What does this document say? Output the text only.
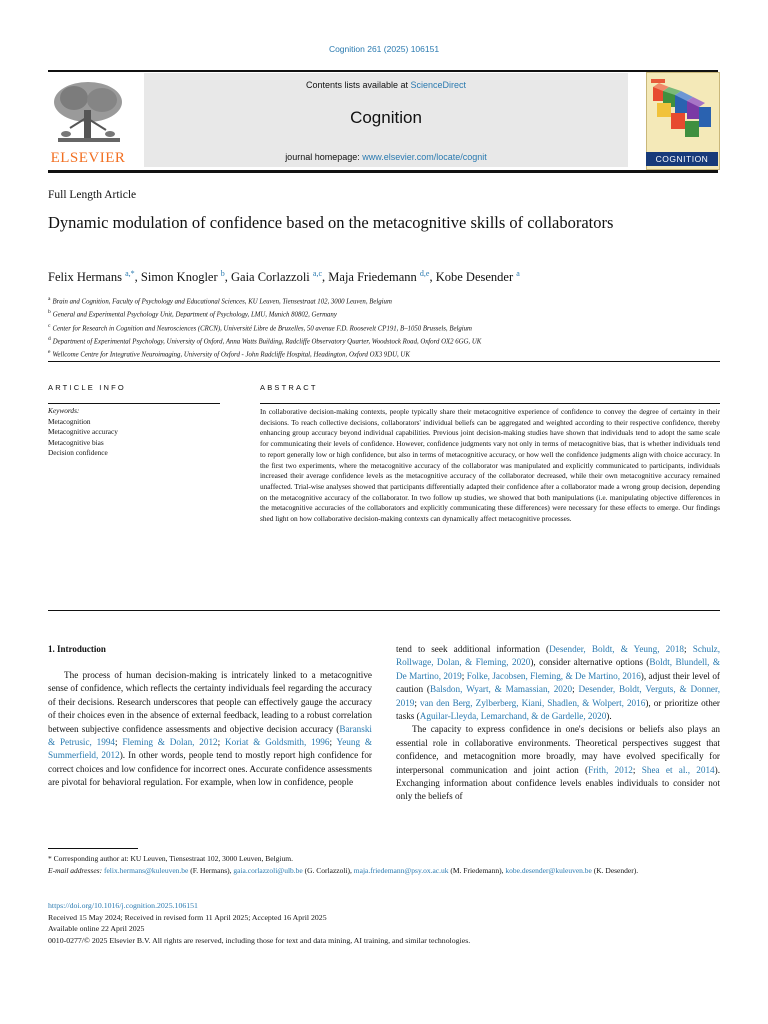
Cognition 261 (2025) 106151
ELSEVIER
Contents lists available at ScienceDirect
Cognition
journal homepage: www.elsevier.com/locate/cognit	COGNITION
Full Length Article
Dynamic modulation of confidence based on the metacognitive skills of collaborators
Felix Hermans $^{a,*}$, Simon Knogler $^b$, Gaia Corlazzoli $^{a,c}$, Maja Friedemann $^{d,e}$, Kobe Desender $^a$
$^a$ Brain and Cognition, Faculty of Psychology and Educational Sciences, KU Leuven, Tiensestraat 102, 3000 Leuven, Belgium
$^b$ General and Experimental Psychology Unit, Department of Psychology, LMU, Munich 80802, Germany
$^c$ Center for Research in Cognition and Neurosciences (CRCN), Université Libre de Bruxelles, 50 avenue F.D. Roosevelt CP191, B–1050 Brussels, Belgium
$^d$ Department of Experimental Psychology, University of Oxford, Anna Watts Building, Radcliffe Observatory Quarter, Woodstock Road, Oxford OX2 6GG, UK
$^e$ Wellcome Centre for Integrative Neuroimaging, University of Oxford - John Radcliffe Hospital, Headington, Oxford OX3 9DU, UK
ARTICLE INFO	ABSTRACT
Keywords:
Metacognition
Metacognitive accuracy
Metacognitive bias
Decision confidence
In collaborative decision-making contexts, people typically share their metacognitive experience of confidence to convey the degree of certainty in their decisions. To reach collective decisions, collaborators' individual beliefs can be aggregated and weighted according to their respective confidence, thereby enhancing group accuracy beyond individual capabilities. Previous joint decision-making studies have shown that individuals tend to adopt the same scale for communicating their levels of confidence. However, confidence judgments vary not only in terms of metacognitive bias, that is whether individuals tend to report generally low or high confidence, but also in terms of metacognitive accuracy, or how well the confidence judgments align with choice accuracy. In the first two experiments, where the metacognitive accuracy of the collaborator was manipulated and explicitly communicated to participants, individuals increased their average confidence levels as the metacognitive accuracy of the collaborator decreased, while their own metacognitive accuracy remained unaffected. Trial-wise analyses showed that participants differentially adapted their confidence after a collaborator made a wrong group decision, depending on the metacognitive accuracy of the collaborator. In two follow up studies, we showed that both manipulations (i.e. manipulating objective differences in the metacognitive accuracies of the collaborators and explicitly communicating these differences) were necessary for these effects to emerge. Our findings shed light on how collaborative decision-making contexts can dynamically affect metacognitive processes.
1. Introduction
The process of human decision-making is intricately linked to a metacognitive sense of confidence, which reflects the certainty individuals feel regarding the accuracy of their decisions. Research underscores that people can effectively gauge the accuracy of their choices even in the absence of external feedback, leading to a robust correlation between subjective confidence assessments and objective decision accuracy (Baranski & Petrusic, 1994; Fleming & Dolan, 2012; Koriat & Goldsmith, 1996; Yeung & Summerfield, 2012). In other words, people tend to mostly report high confidence for correct choices and low confidence for incorrect ones. Accurate confidence assessments are pivotal for behavioral regulation. For example, when low in confidence, people
tend to seek additional information (Desender, Boldt, & Yeung, 2018; Schulz, Rollwage, Dolan, & Fleming, 2020), consider alternative options (Boldt, Blundell, & De Martino, 2019; Folke, Jacobsen, Fleming, & De Martino, 2016), adjust their level of caution (Balsdon, Wyart, & Mamassian, 2020; Desender, Boldt, Verguts, & Donner, 2019; van den Berg, Zylberberg, Kiani, Shadlen, & Wolpert, 2016), or prioritize other tasks (Aguilar-Lleyda, Lemarchand, & de Gardelle, 2020).
The capacity to express confidence in one's decisions or beliefs also plays an essential role in collaborative environments. Theoretical perspectives suggest that confidence, and metacognition more broadly, may have evolved specifically for interpersonal communication and joint action (Frith, 2012; Shea et al., 2014). Exchanging information about confidence levels enables individuals to consider not only the beliefs of
* Corresponding author at: KU Leuven, Tiensestraat 102, 3000 Leuven, Belgium.
E-mail addresses: felix.hermans@kuleuven.be (F. Hermans), gaia.corlazzoli@ulb.be (G. Corlazzoli), maja.friedemann@psy.ox.ac.uk (M. Friedemann), kobe.desender@kuleuven.be (K. Desender).
https://doi.org/10.1016/j.cognition.2025.106151
Received 15 May 2024; Received in revised form 11 April 2025; Accepted 16 April 2025
Available online 22 April 2025
0010-0277/© 2025 Elsevier B.V. All rights are reserved, including those for text and data mining, AI training, and similar technologies.
